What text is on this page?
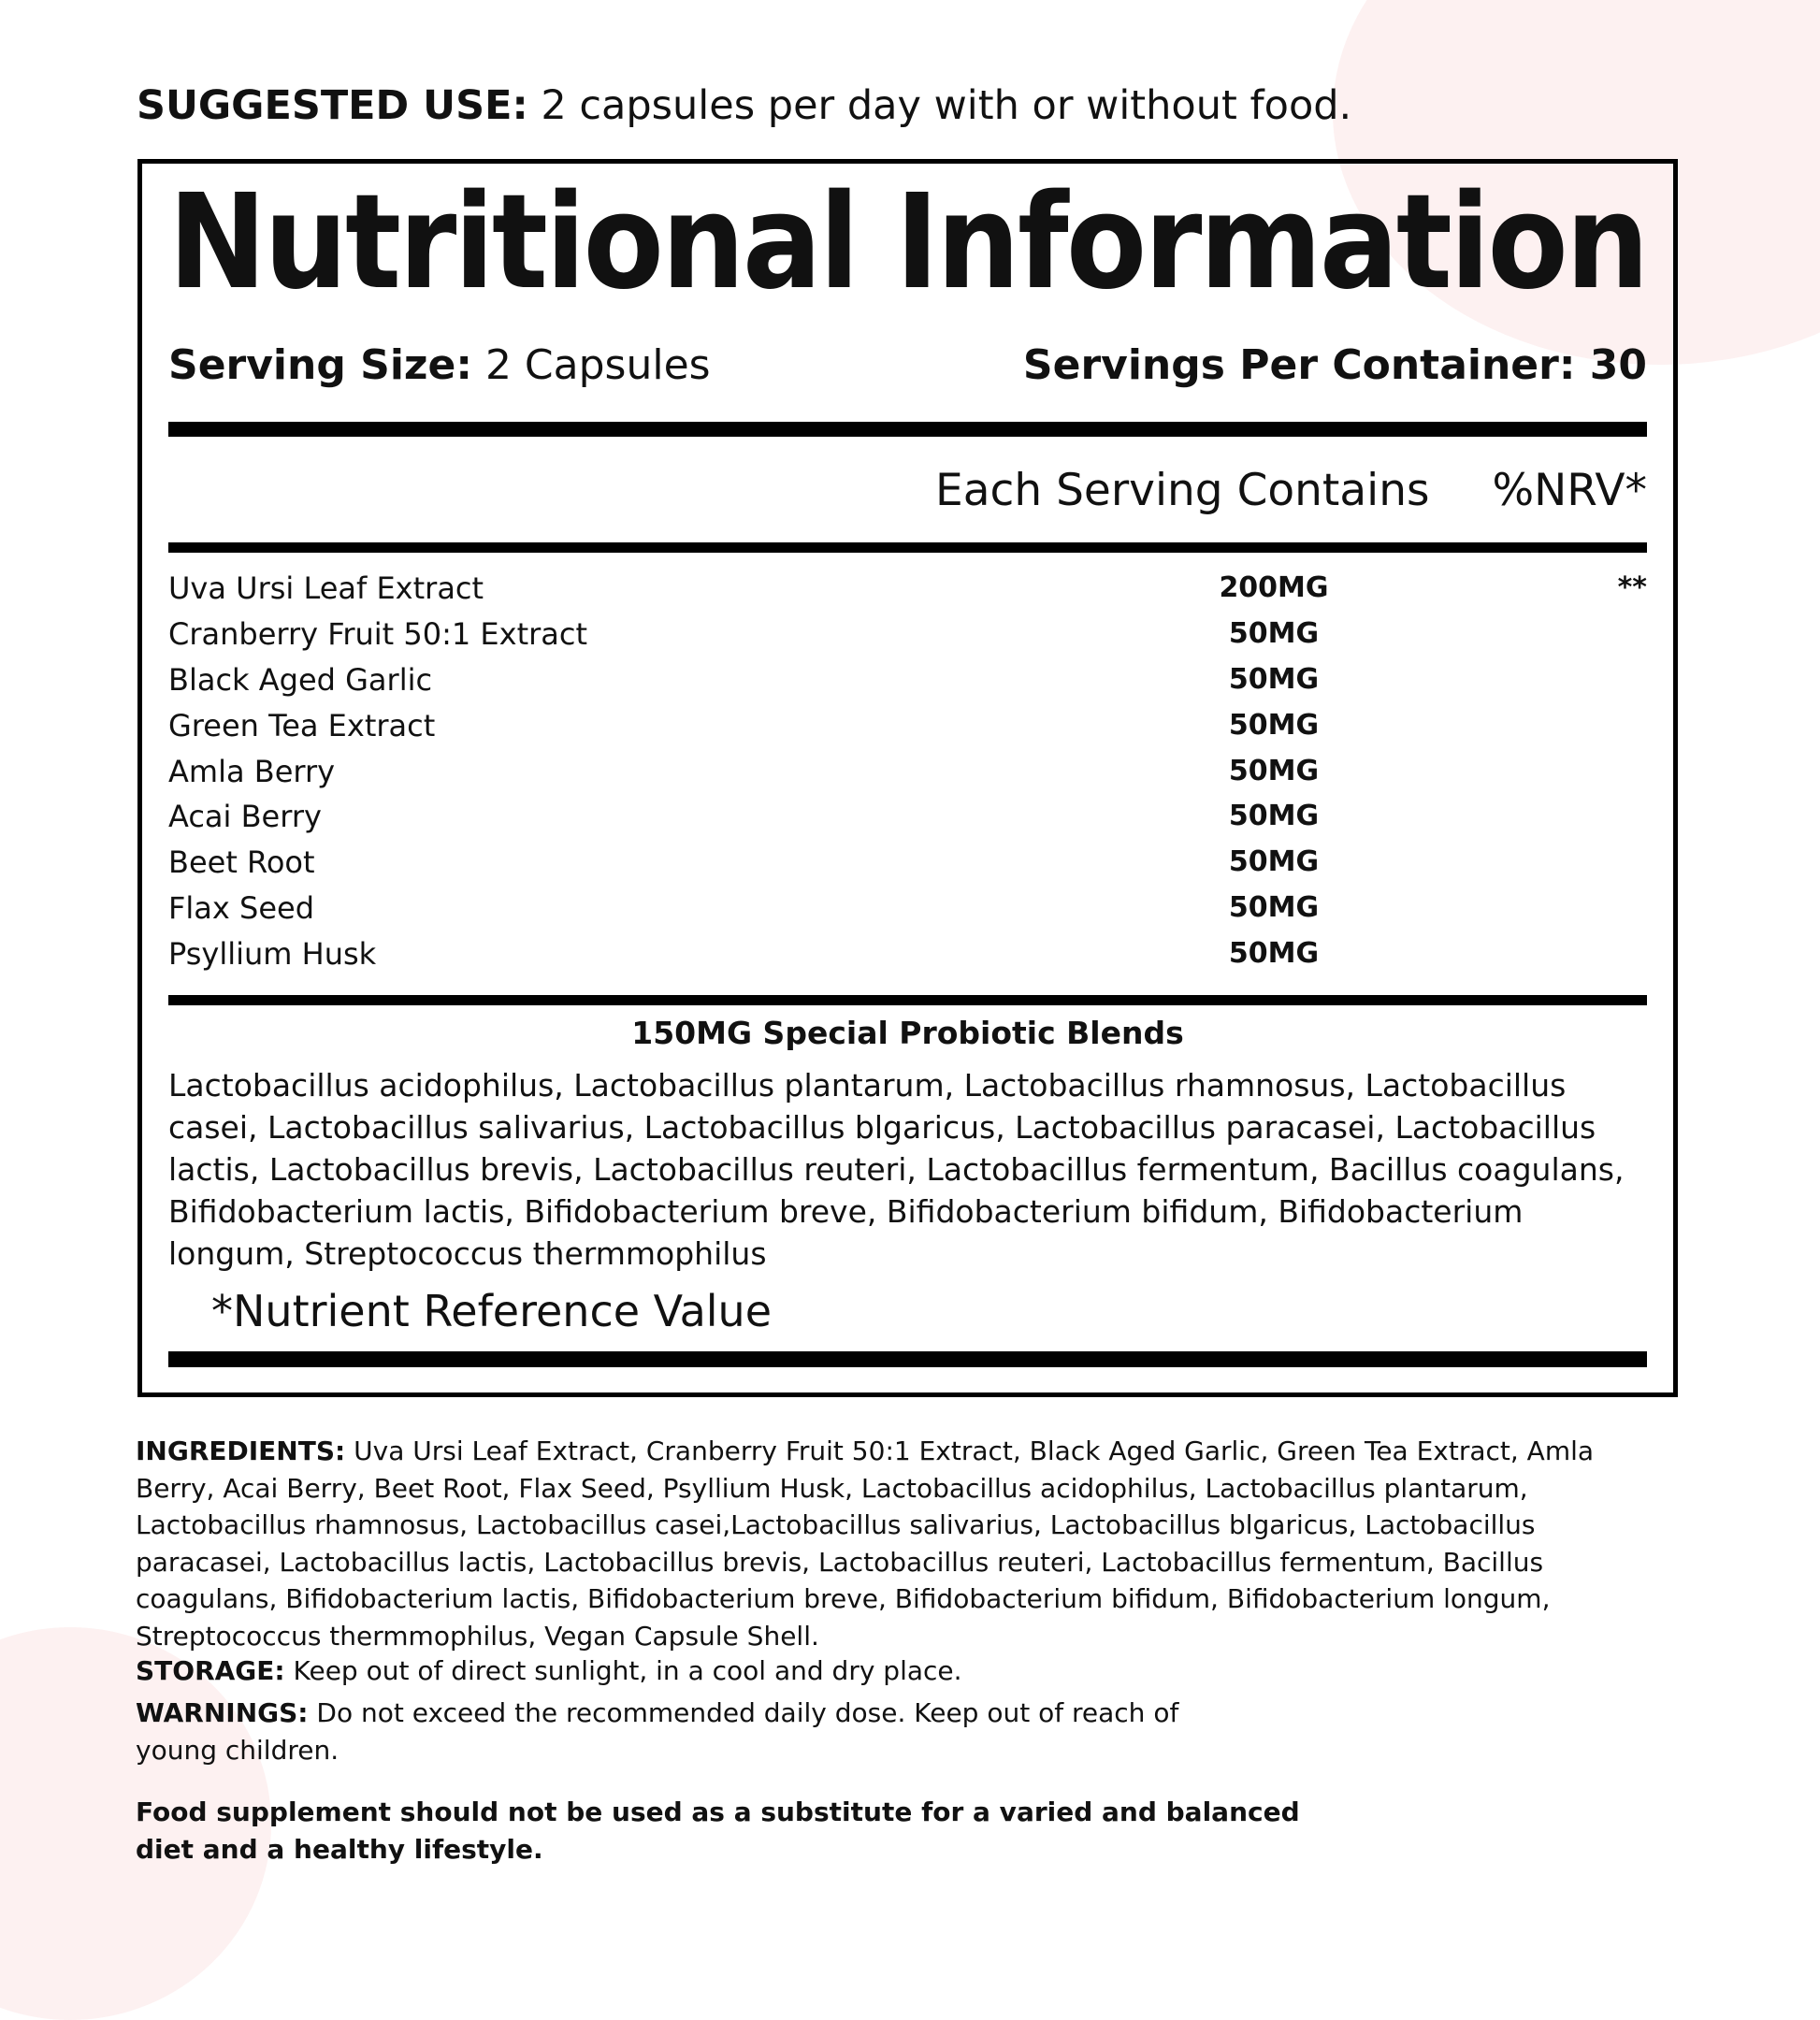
SUGGESTED USE: 2 capsules per day with or without food.
Nutritional Information
Serving Size: 2 Capsules	Servings Per Container: 30
Each Serving Contains %NRV*
Uva Ursi Leaf Extract	200MG	**
Cranberry Fruit 50:1 Extract	50MG
Black Aged Garlic	50MG
Green Tea Extract	50MG
Amla Berry	50MG
Acai Berry	50MG
Beet Root	50MG
Flax Seed	50MG
Psyllium Husk	50MG
150MG Special Probiotic Blends

Lactobacillus acidophilus, Lactobacillus plantarum, Lactobacillus rhamnosus, Lactobacillus casei, Lactobacillus salivarius, Lactobacillus blgaricus, Lactobacillus paracasei, Lactobacillus lactis, Lactobacillus brevis, Lactobacillus reuteri, Lactobacillus fermentum, Bacillus coagulans, Bifidobacterium lactis, Bifidobacterium breve, Bifidobacterium bifidum, Bifidobacterium longum, Streptococcus thermmophilus

*Nutrient Reference Value

INGREDIENTS: Uva Ursi Leaf Extract, Cranberry Fruit 50:1 Extract, Black Aged Garlic, Green Tea Extract, Amla Berry, Acai Berry, Beet Root, Flax Seed, Psyllium Husk, Lactobacillus acidophilus, Lactobacillus plantarum, Lactobacillus rhamnosus, Lactobacillus casei,Lactobacillus salivarius, Lactobacillus blgaricus, Lactobacillus paracasei, Lactobacillus lactis, Lactobacillus brevis, Lactobacillus reuteri, Lactobacillus fermentum, Bacillus coagulans, Bifidobacterium lactis, Bifidobacterium breve, Bifidobacterium bifidum, Bifidobacterium longum, Streptococcus thermmophilus, Vegan Capsule Shell.

STORAGE: Keep out of direct sunlight, in a cool and dry place.

WARNINGS: Do not exceed the recommended daily dose. Keep out of reach of young children.

Food supplement should not be used as a substitute for a varied and balanced diet and a healthy lifestyle.
